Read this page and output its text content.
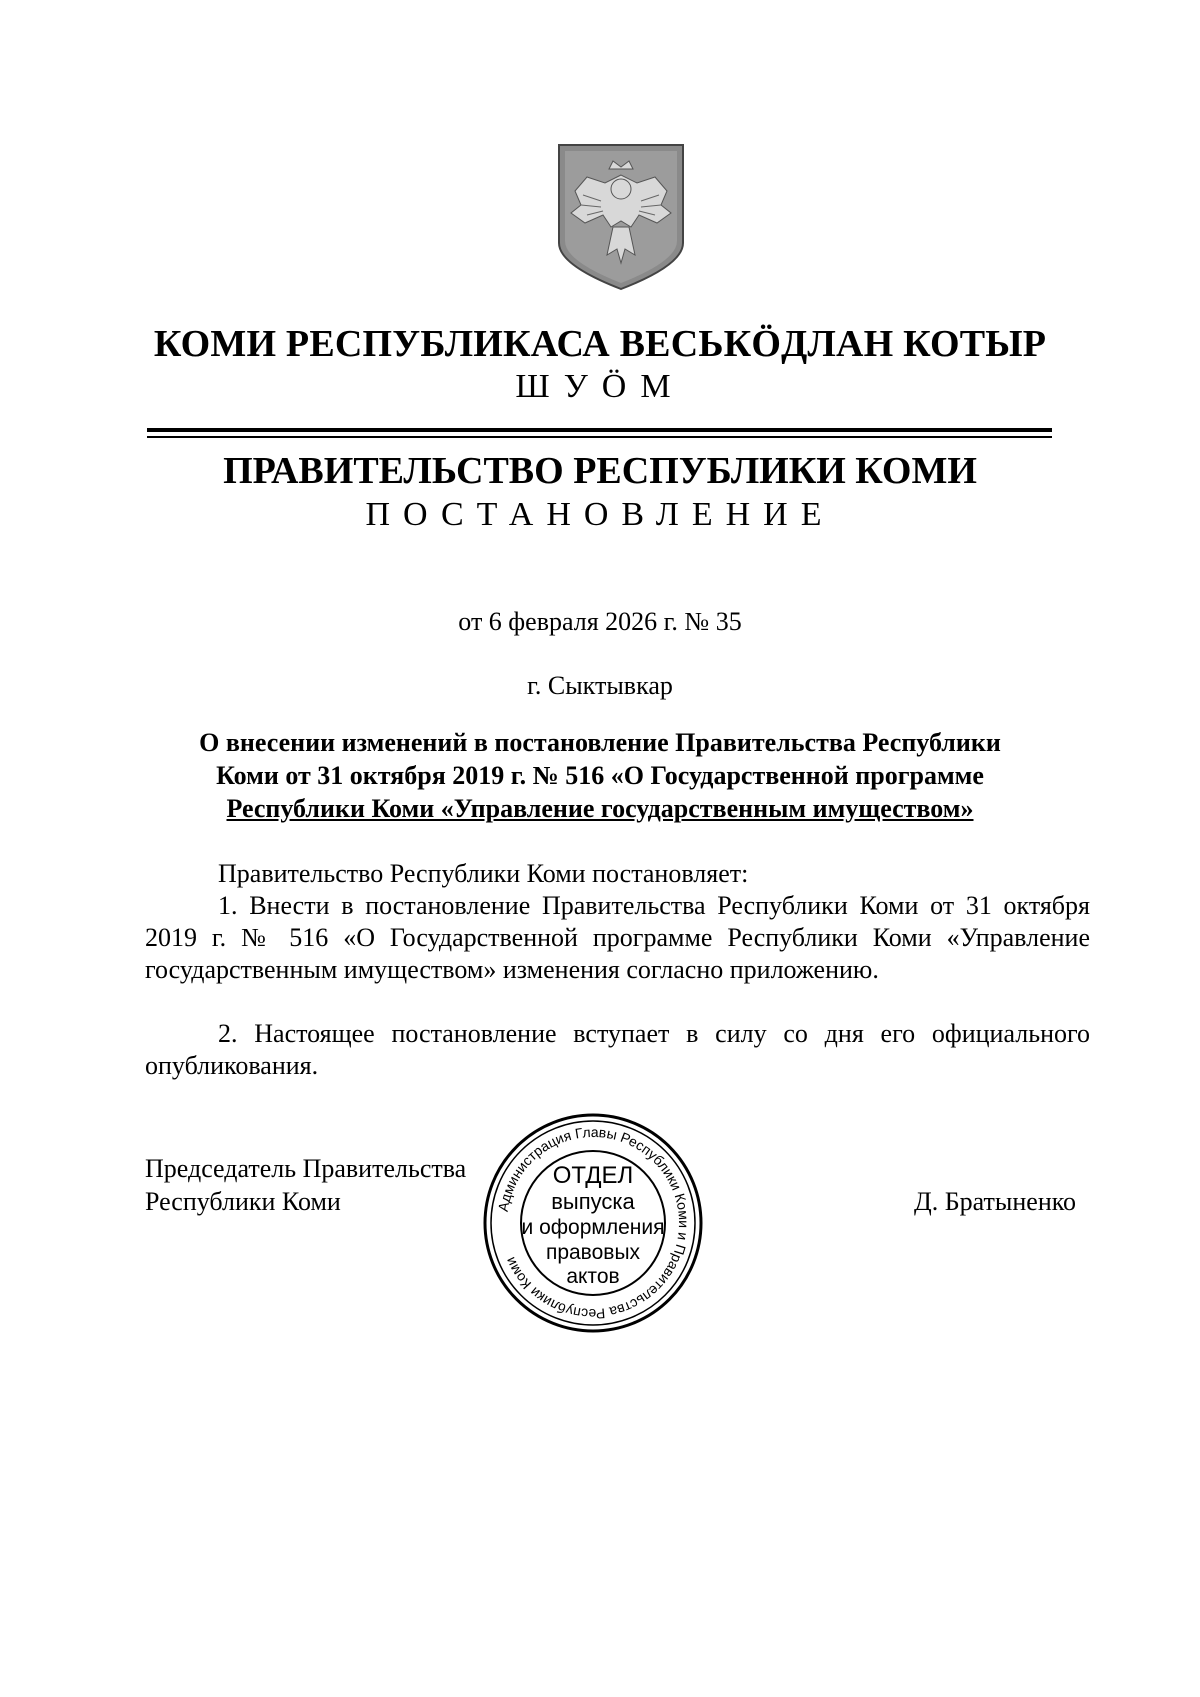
КОМИ РЕСПУБЛИКАСА ВЕСЬКӦДЛАН КОТЫР
ШУӦМ
ПРАВИТЕЛЬСТВО РЕСПУБЛИКИ КОМИ
ПОСТАНОВЛЕНИЕ
от 6 февраля 2026 г. № 35
г. Сыктывкар
О внесении изменений в постановление Правительства Республики
Коми от 31 октября 2019 г. № 516 «О Государственной программе
Республики Коми «Управление государственным имуществом»
Правительство Республики Коми постановляет:
1. Внести в постановление Правительства Республики Коми от 31 октября 2019 г. № 516 «О Государственной программе Республики Коми «Управление государственным имуществом» изменения согласно приложению.
2. Настоящее постановление вступает в силу со дня его официального опубликования.
Председатель Правительства
Республики Коми	Д. Братыненко
Администрация Главы Республики Коми и Правительства Республики Коми
ОТДЕЛ
выпуска
и оформления
правовых
актов
